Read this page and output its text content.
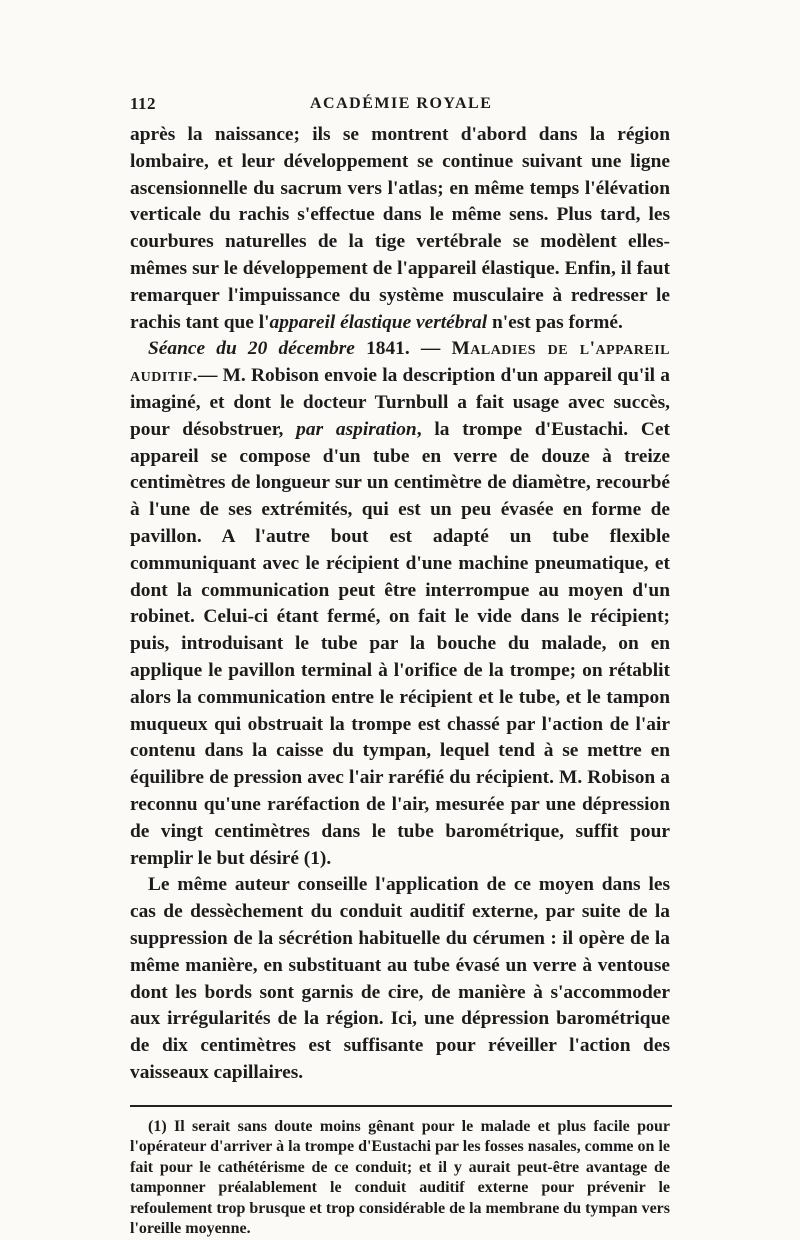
112	ACADÉMIE ROYALE

après la naissance; ils se montrent d'abord dans la région lombaire, et leur développement se continue suivant une ligne ascensionnelle du sacrum vers l'atlas; en même temps l'élévation verticale du rachis s'effectue dans le même sens. Plus tard, les courbures naturelles de la tige vertébrale se modèlent elles-mêmes sur le développement de l'appareil élastique. Enfin, il faut remarquer l'impuissance du système musculaire à redresser le rachis tant que l'appareil élastique vertébral n'est pas formé.

Séance du 20 décembre 1841. — Maladies de l'appareil auditif.— M. Robison envoie la description d'un appareil qu'il a imaginé, et dont le docteur Turnbull a fait usage avec succès, pour désobstruer, par aspiration, la trompe d'Eustachi. Cet appareil se compose d'un tube en verre de douze à treize centimètres de longueur sur un centimètre de diamètre, recourbé à l'une de ses extrémités, qui est un peu évasée en forme de pavillon. A l'autre bout est adapté un tube flexible communiquant avec le récipient d'une machine pneumatique, et dont la communication peut être interrompue au moyen d'un robinet. Celui-ci étant fermé, on fait le vide dans le récipient; puis, introduisant le tube par la bouche du malade, on en applique le pavillon terminal à l'orifice de la trompe; on rétablit alors la communication entre le récipient et le tube, et le tampon muqueux qui obstruait la trompe est chassé par l'action de l'air contenu dans la caisse du tympan, lequel tend à se mettre en équilibre de pression avec l'air raréfié du récipient. M. Robison a reconnu qu'une raréfaction de l'air, mesurée par une dépression de vingt centimètres dans le tube barométrique, suffit pour remplir le but désiré (1).

Le même auteur conseille l'application de ce moyen dans les cas de dessèchement du conduit auditif externe, par suite de la suppression de la sécrétion habituelle du cérumen : il opère de la même manière, en substituant au tube évasé un verre à ventouse dont les bords sont garnis de cire, de manière à s'accommoder aux irrégularités de la région. Ici, une dépression barométrique de dix centimètres est suffisante pour réveiller l'action des vaisseaux capillaires.

(1) Il serait sans doute moins gênant pour le malade et plus facile pour l'opérateur d'arriver à la trompe d'Eustachi par les fosses nasales, comme on le fait pour le cathétérisme de ce conduit; et il y aurait peut-être avantage de tamponner préalablement le conduit auditif externe pour prévenir le refoulement trop brusque et trop considérable de la membrane du tympan vers l'oreille moyenne.
